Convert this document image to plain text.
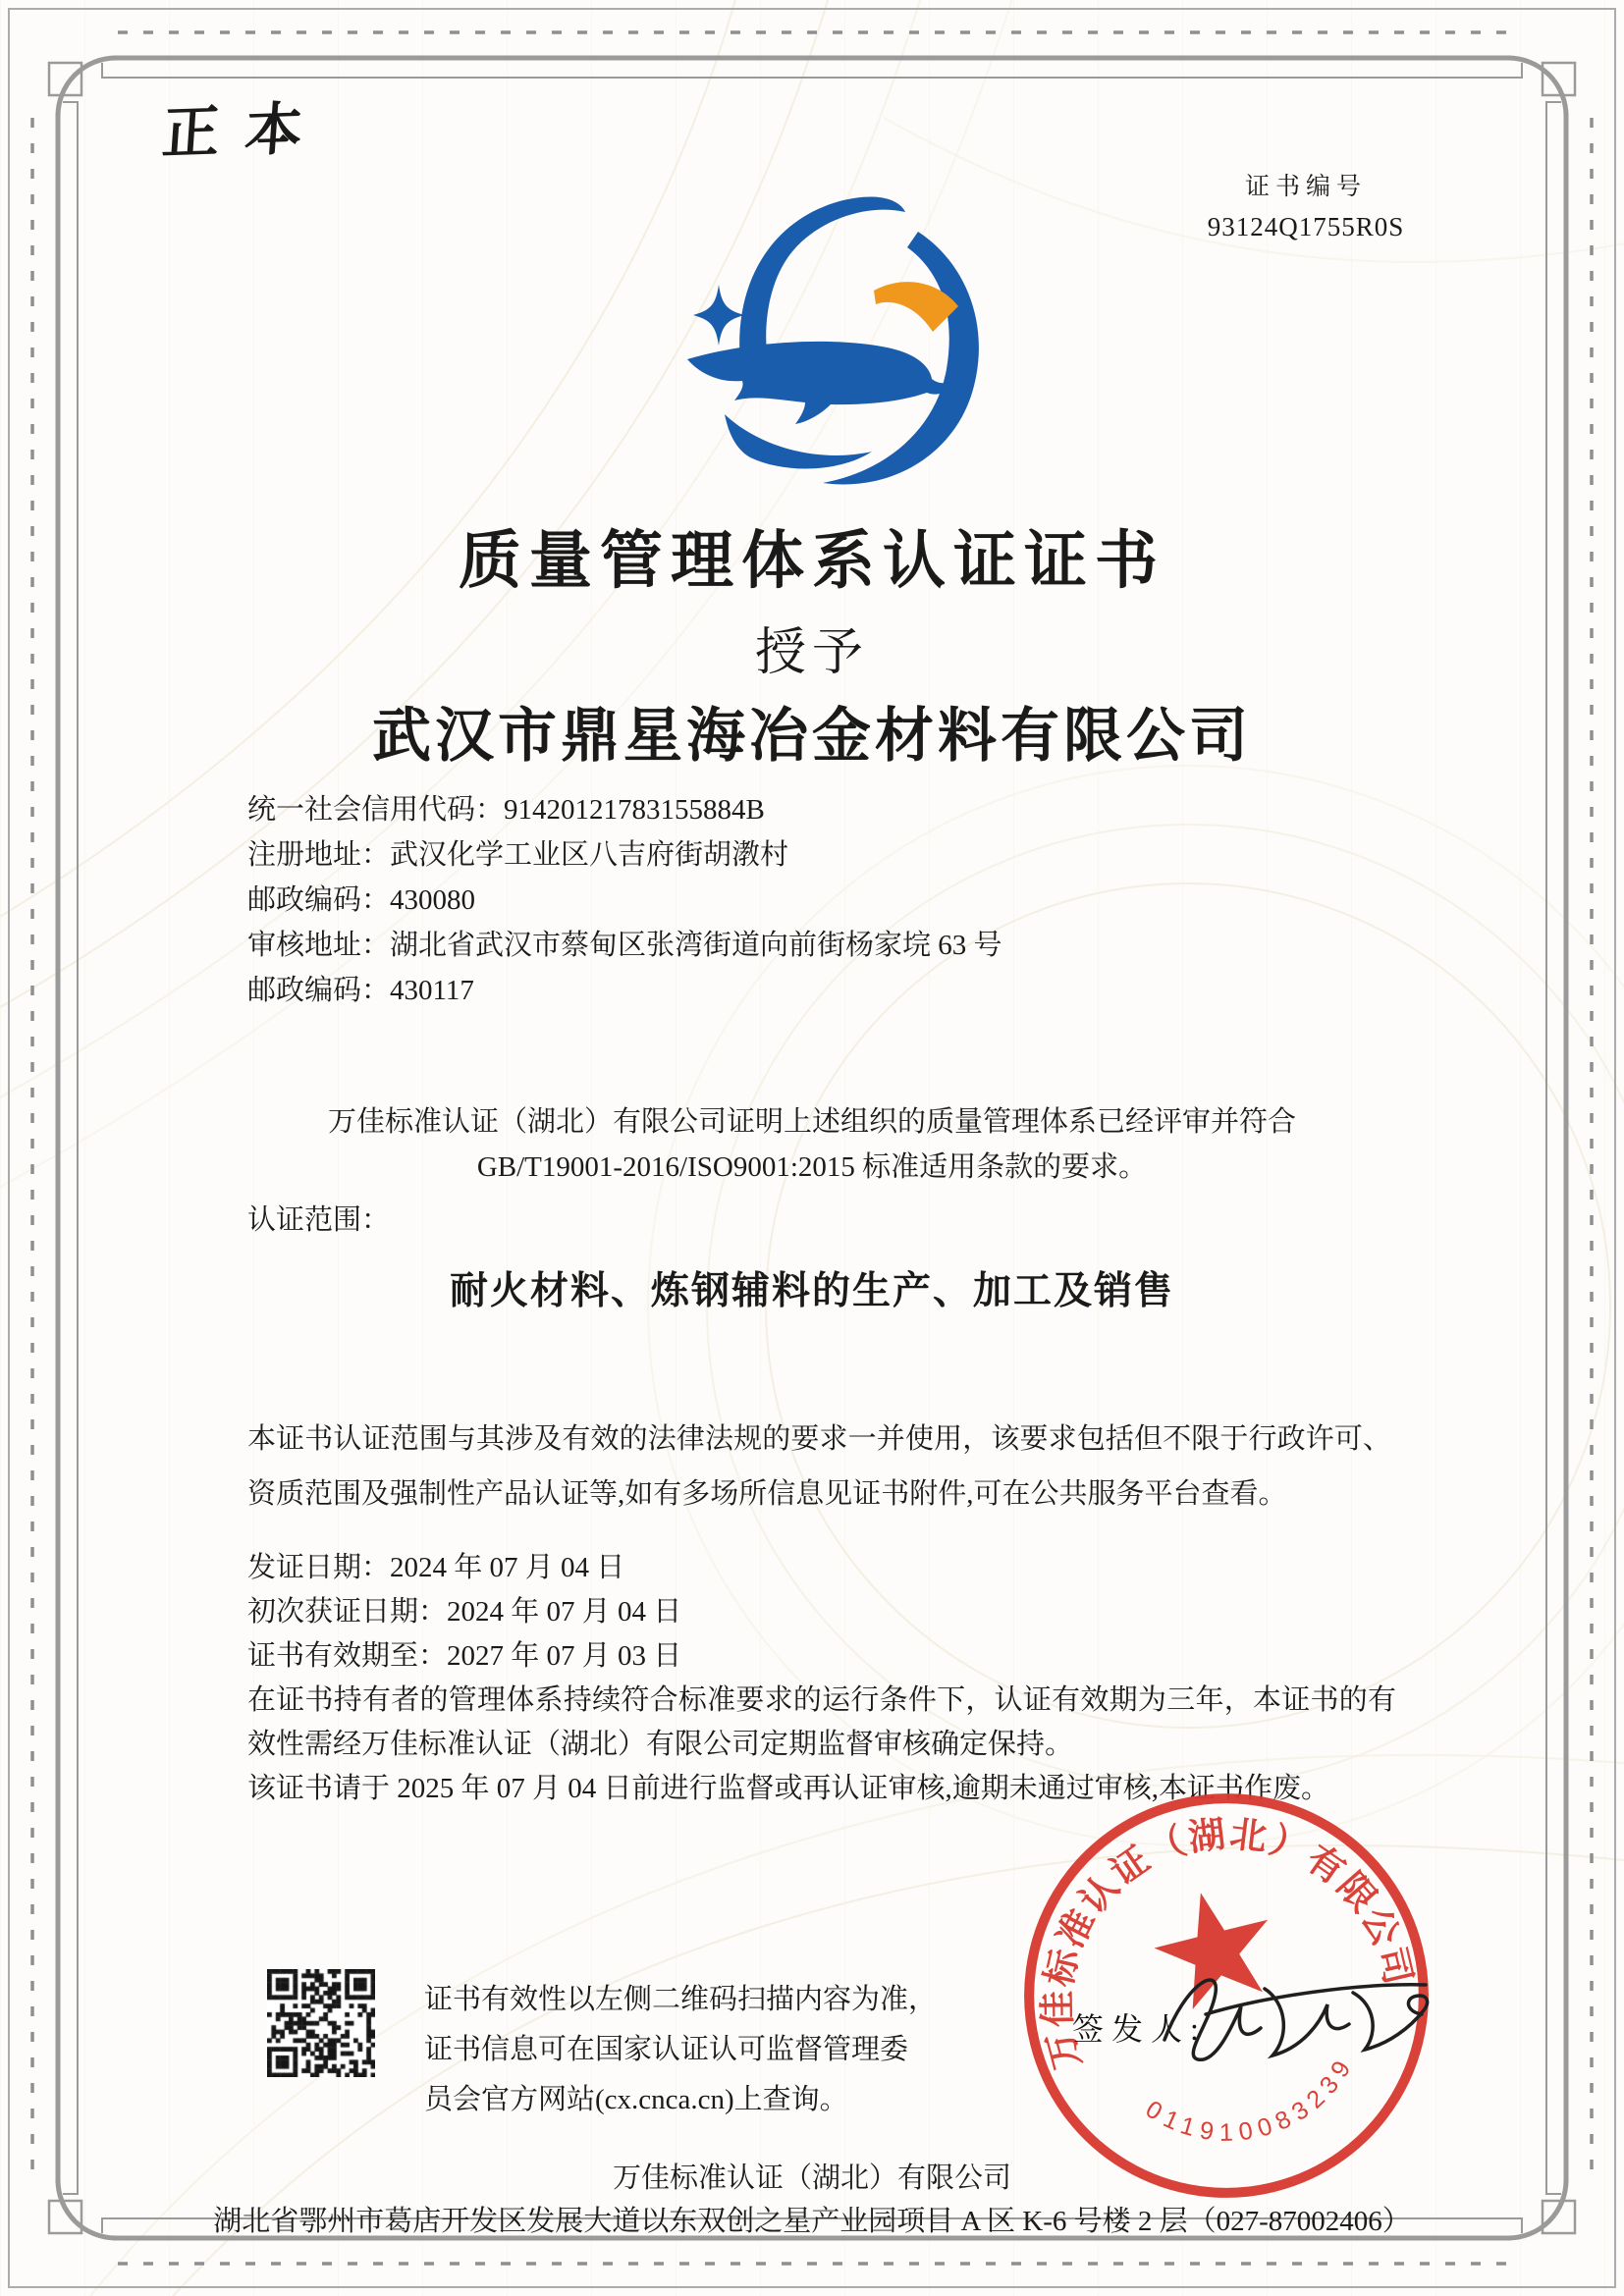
正本
证书编号
93124Q1755R0S
质量管理体系认证证书
授予
武汉市鼎星海冶金材料有限公司
统一社会信用代码：91420121783155884B
注册地址：武汉化学工业区八吉府街胡漖村
邮政编码：430080
审核地址：湖北省武汉市蔡甸区张湾街道向前街杨家垸 63 号
邮政编码：430117
万佳标准认证（湖北）有限公司证明上述组织的质量管理体系已经评审并符合
GB/T19001-2016/ISO9001:2015 标准适用条款的要求。
认证范围：
耐火材料、炼钢辅料的生产、加工及销售
本证书认证范围与其涉及有效的法律法规的要求一并使用，该要求包括但不限于行政许可、资质范围及强制性产品认证等,如有多场所信息见证书附件,可在公共服务平台查看。
发证日期：2024 年 07 月 04 日
初次获证日期：2024 年 07 月 04 日
证书有效期至：2027 年 07 月 03 日
在证书持有者的管理体系持续符合标准要求的运行条件下，认证有效期为三年，本证书的有效性需经万佳标准认证（湖北）有限公司定期监督审核确定保持。
该证书请于 2025 年 07 月 04 日前进行监督或再认证审核,逾期未通过审核,本证书作废。
证书有效性以左侧二维码扫描内容为准，
证书信息可在国家认证认可监督管理委
员会官方网站(cx.cnca.cn)上查询。
万佳标准认证（湖北）有限公司
011910083239
签发人:
万佳标准认证（湖北）有限公司
湖北省鄂州市葛店开发区发展大道以东双创之星产业园项目 A 区 K-6 号楼 2 层（027-87002406）
